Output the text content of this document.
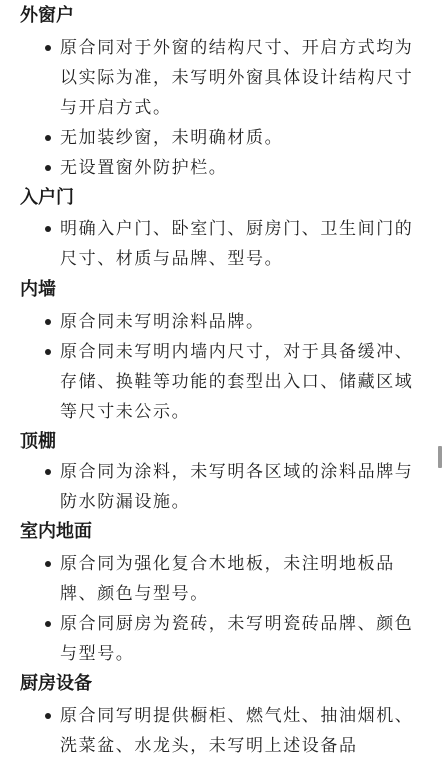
外窗户
原合同对于外窗的结构尺寸、开启方式均为以实际为准，未写明外窗具体设计结构尺寸与开启方式。
无加装纱窗，未明确材质。
无设置窗外防护栏。
入户门
明确入户门、卧室门、厨房门、卫生间门的尺寸、材质与品牌、型号。
内墙
原合同未写明涂料品牌。
原合同未写明内墙内尺寸，对于具备缓冲、存储、换鞋等功能的套型出入口、储藏区域等尺寸未公示。
顶棚
原合同为涂料，未写明各区域的涂料品牌与防水防漏设施。
室内地面
原合同为强化复合木地板，未注明地板品牌、颜色与型号。
原合同厨房为瓷砖，未写明瓷砖品牌、颜色与型号。
厨房设备
原合同写明提供橱柜、燃气灶、抽油烟机、洗菜盆、水龙头，未写明上述设备品
